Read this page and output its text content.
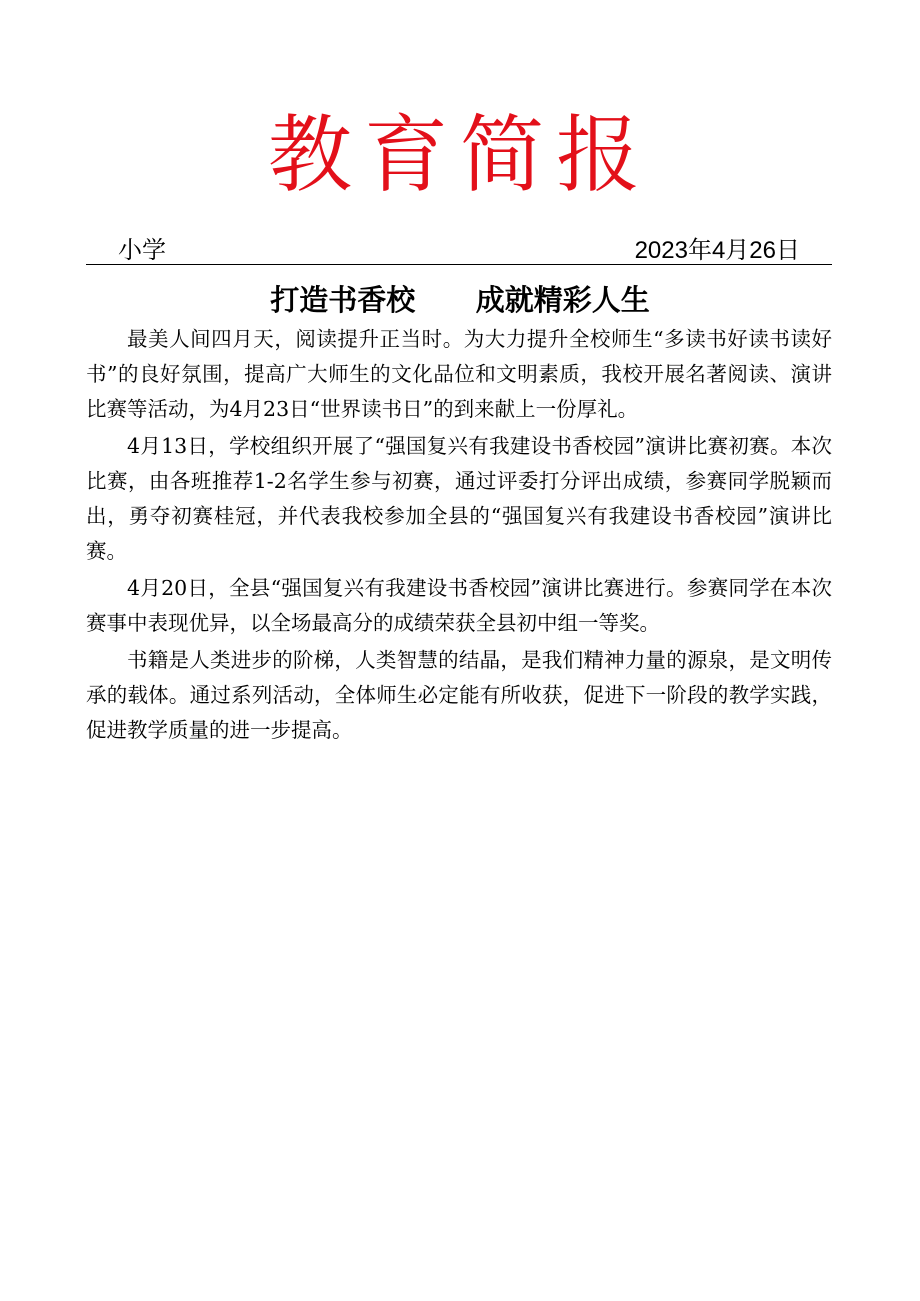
教育简报
小学	2023年4月26日
打造书香校      成就精彩人生

最美人间四月天，阅读提升正当时。为大力提升全校师生“多读书好读书读好书”的良好氛围，提高广大师生的文化品位和文明素质，我校开展名著阅读、演讲比赛等活动，为4月23日“世界读书日”的到来献上一份厚礼。

4月13日，学校组织开展了“强国复兴有我建设书香校园”演讲比赛初赛。本次比赛，由各班推荐1-2名学生参与初赛，通过评委打分评出成绩，参赛同学脱颖而出，勇夺初赛桂冠，并代表我校参加全县的“强国复兴有我建设书香校园”演讲比赛。

4月20日，全县“强国复兴有我建设书香校园”演讲比赛进行。参赛同学在本次赛事中表现优异，以全场最高分的成绩荣获全县初中组一等奖。

书籍是人类进步的阶梯，人类智慧的结晶，是我们精神力量的源泉，是文明传承的载体。通过系列活动，全体师生必定能有所收获，促进下一阶段的教学实践，促进教学质量的进一步提高。
